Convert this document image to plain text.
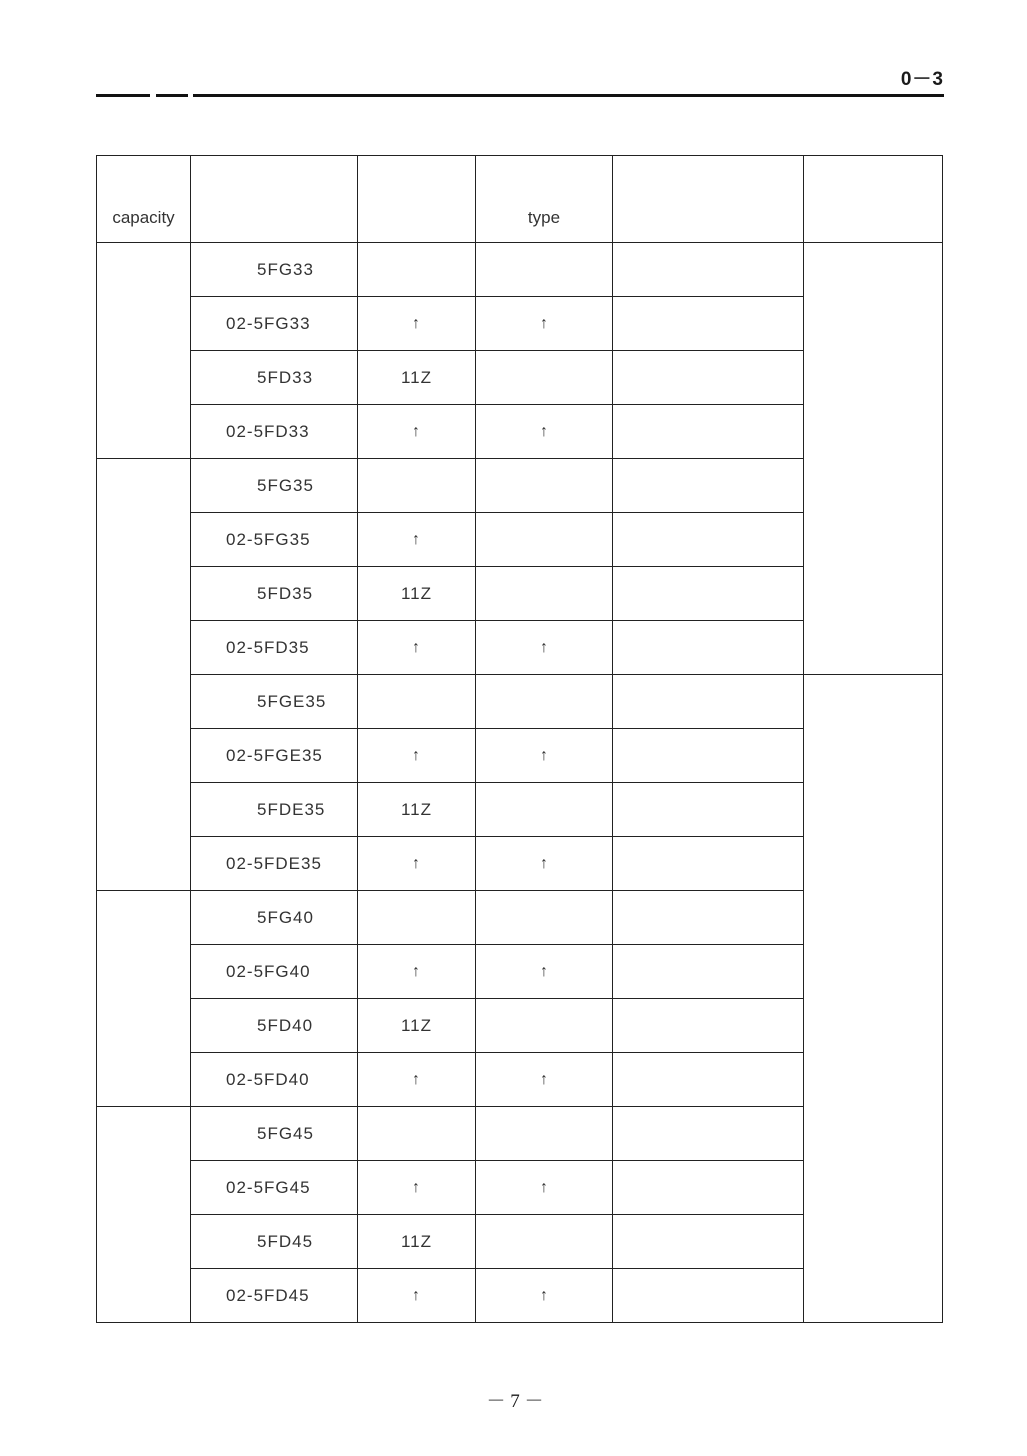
0－3
capacity			type		
	5FG33				
	02-5FG33	↑	↑		
	5FD33	11Z			
	02-5FD33	↑	↑		
	5FG35				
	02-5FG35	↑			
	5FD35	11Z			
	02-5FD35	↑	↑		
	5FGE35				
	02-5FGE35	↑	↑		
	5FDE35	11Z			
	02-5FDE35	↑	↑		
	5FG40				
	02-5FG40	↑	↑		
	5FD40	11Z			
	02-5FD40	↑	↑		
	5FG45				
	02-5FG45	↑	↑		
	5FD45	11Z			
	02-5FD45	↑	↑		
－ 7 －
